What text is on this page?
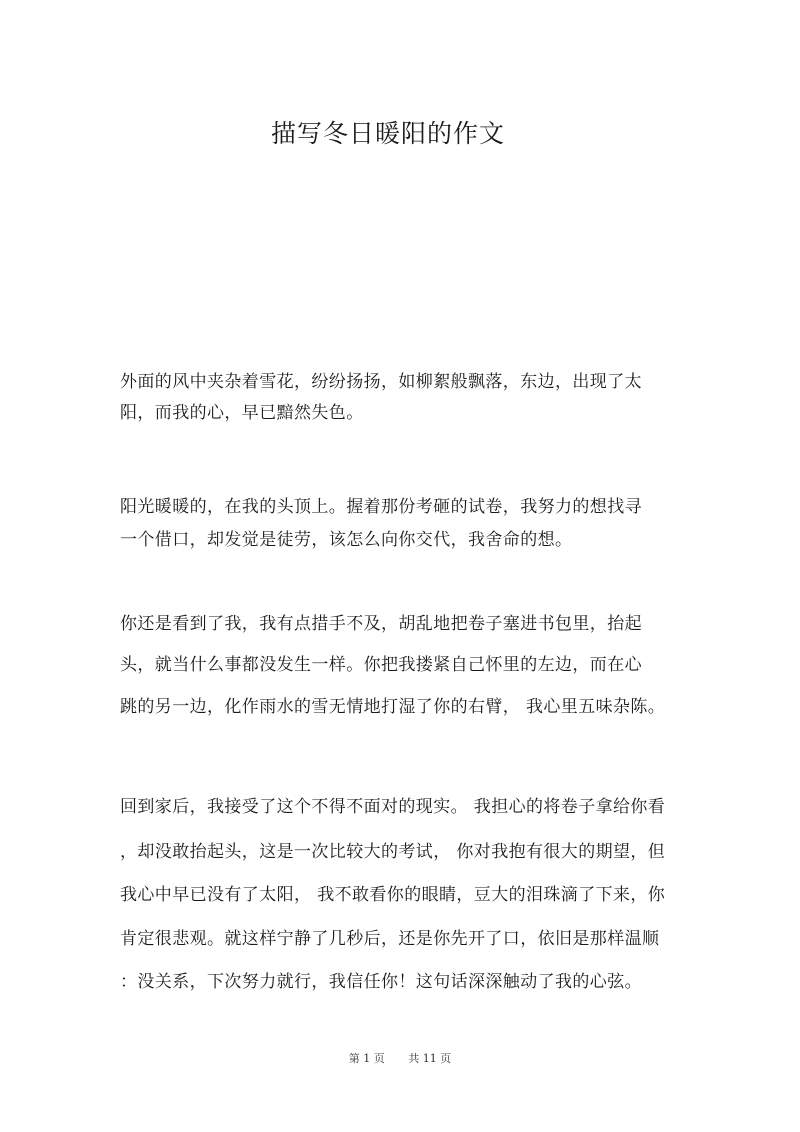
描写冬日暖阳的作文
外面的风中夹杂着雪花，纷纷扬扬，如柳絮般飘落，东边，出现了太
阳，而我的心，早已黯然失色。
阳光暖暖的，在我的头顶上。握着那份考砸的试卷，我努力的想找寻
一个借口，却发觉是徒劳，该怎么向你交代，我舍命的想。
你还是看到了我，我有点措手不及，胡乱地把卷子塞进书包里，抬起
头，就当什么事都没发生一样。你把我搂紧自己怀里的左边，而在心
跳的另一边，化作雨水的雪无情地打湿了你的右臂， 我心里五味杂陈。
回到家后，我接受了这个不得不面对的现实。 我担心的将卷子拿给你看
，却没敢抬起头，这是一次比较大的考试， 你对我抱有很大的期望，但
我心中早已没有了太阳， 我不敢看你的眼睛，豆大的泪珠滴了下来，你
肯定很悲观。就这样宁静了几秒后，还是你先开了口，依旧是那样温顺
：没关系，下次努力就行，我信任你！这句话深深触动了我的心弦。
第 1 页 共 11 页
